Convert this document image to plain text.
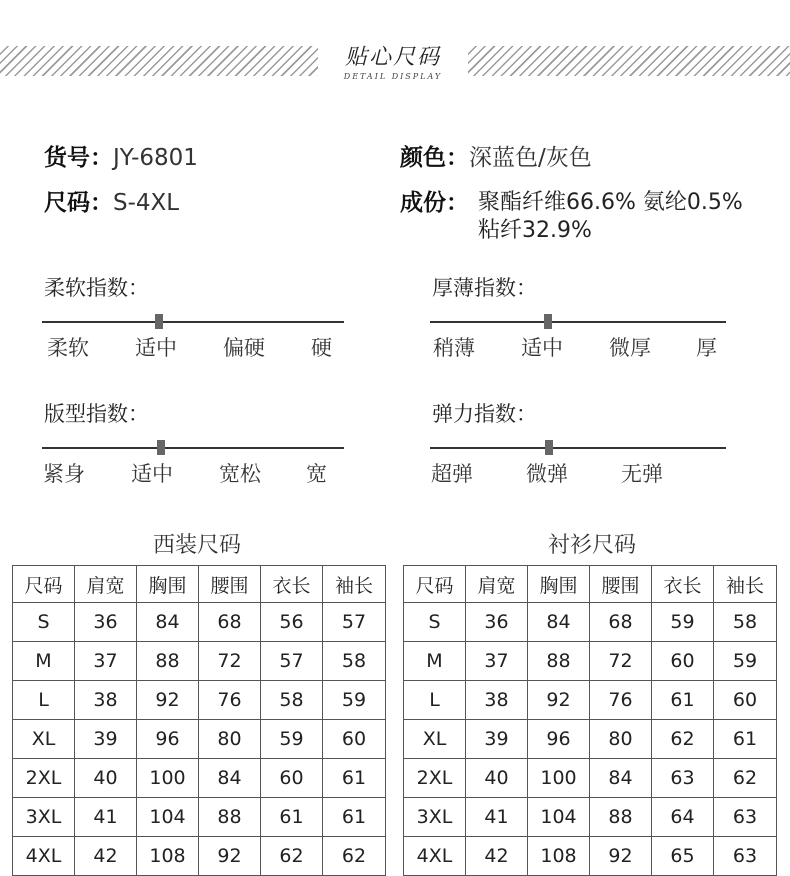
贴心尺码
DETAIL DISPLAY
货号：JY-6801
尺码：S-4XL
颜色：深蓝色/灰色
成份： 聚酯纤维66.6% 氨纶0.5%
粘纤32.9%
柔软指数：
柔软 适中 偏硬 硬
厚薄指数：
稍薄 适中 微厚 厚
版型指数：
紧身 适中 宽松 宽
弹力指数：
超弹	微弹	无弹
西装尺码
尺码	肩宽	胸围	腰围	衣长	袖长
S	36	84	68	56	57
M	37	88	72	57	58
L	38	92	76	58	59
XL	39	96	80	59	60
2XL	40	100	84	60	61
3XL	41	104	88	61	61
4XL	42	108	92	62	62
衬衫尺码
尺码	肩宽	胸围	腰围	衣长	袖长
S	36	84	68	59	58
M	37	88	72	60	59
L	38	92	76	61	60
XL	39	96	80	62	61
2XL	40	100	84	63	62
3XL	41	104	88	64	63
4XL	42	108	92	65	63
